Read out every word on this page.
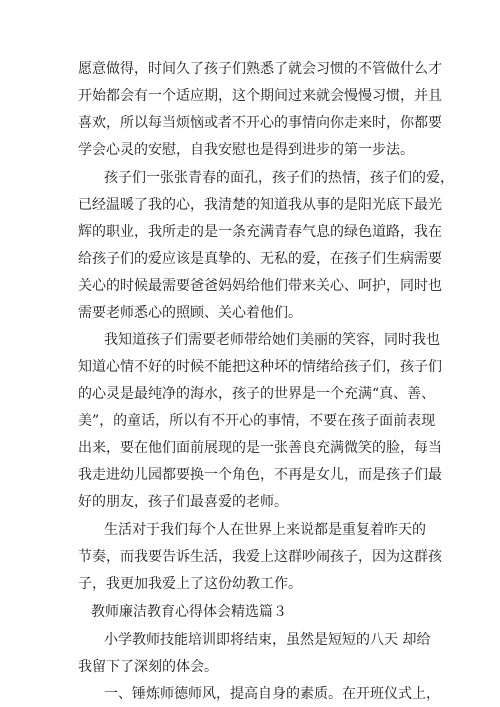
愿意做得，时间久了孩子们熟悉了就会习惯的不管做什么才
开始都会有一个适应期，这个期间过来就会慢慢习惯，并且
喜欢，所以每当烦恼或者不开心的事情向你走来时，你都要
学会心灵的安慰，自我安慰也是得到进步的第一步法。
孩子们一张张青春的面孔，孩子们的热情，孩子们的爱，
已经温暖了我的心，我清楚的知道我从事的是阳光底下最光
辉的职业，我所走的是一条充满青春气息的绿色道路，我在
给孩子们的爱应该是真挚的、无私的爱，在孩子们生病需要
关心的时候最需要爸爸妈妈给他们带来关心、呵护，同时也
需要老师悉心的照顾、关心着他们。
我知道孩子们需要老师带给她们美丽的笑容，同时我也
知道心情不好的时候不能把这种坏的情绪给孩子们，孩子们
的心灵是最纯净的海水，孩子的世界是一个充满“真、善、
美”，的童话，所以有不开心的事情，不要在孩子面前表现
出来，要在他们面前展现的是一张善良充满微笑的脸，每当
我走进幼儿园都要换一个角色，不再是女儿，而是孩子们最
好的朋友，孩子们最喜爱的老师。
生活对于我们每个人在世界上来说都是重复着昨天的
节奏，而我要告诉生活，我爱上这群吵闹孩子，因为这群孩
子，我更加我爱上了这份幼教工作。
教师廉洁教育心得体会精选篇３
小学教师技能培训即将结束，虽然是短短的八天 却给
我留下了深刻的体会。
一、锤炼师德师风，提高自身的素质。在开班仪式上，
